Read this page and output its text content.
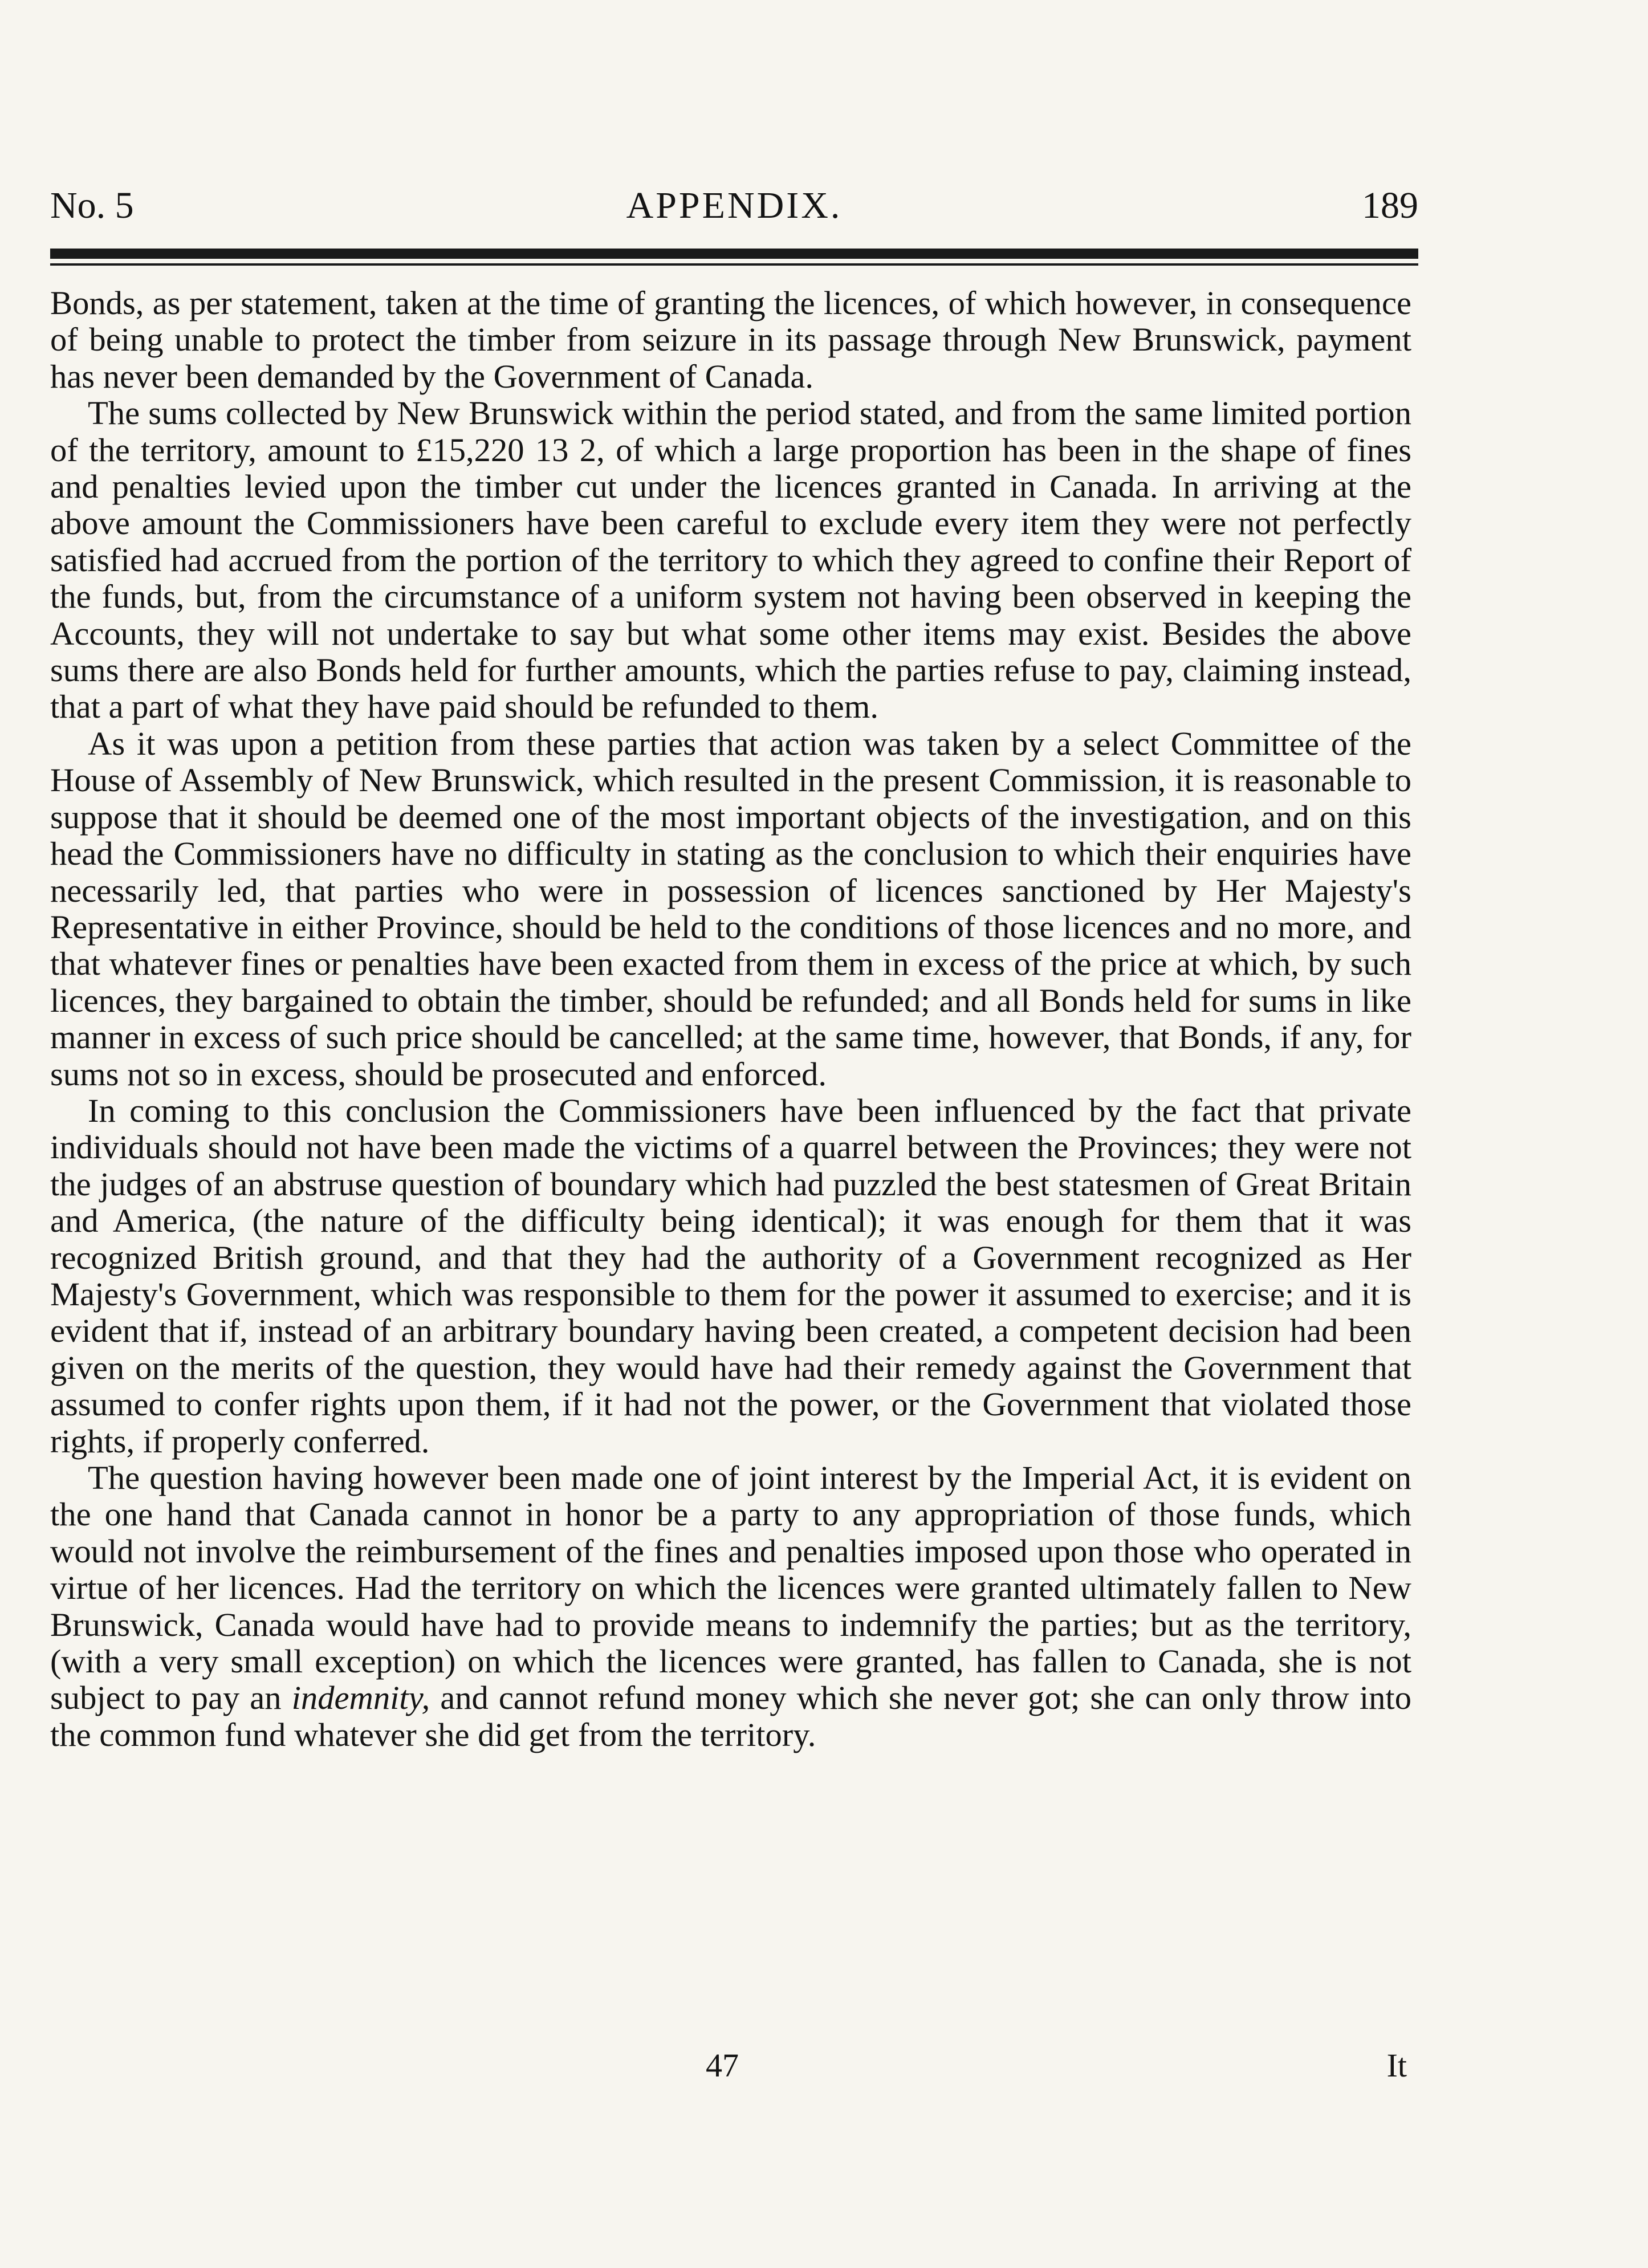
No. 5	APPENDIX.	189

Bonds, as per statement, taken at the time of granting the licences, of which however, in consequence of being unable to protect the timber from seizure in its passage through New Brunswick, payment has never been demanded by the Government of Canada.

The sums collected by New Brunswick within the period stated, and from the same limited portion of the territory, amount to £15,220 13 2, of which a large proportion has been in the shape of fines and penalties levied upon the timber cut under the licences granted in Canada. In arriving at the above amount the Commissioners have been careful to exclude every item they were not perfectly satisfied had accrued from the portion of the territory to which they agreed to confine their Report of the funds, but, from the circumstance of a uniform system not having been observed in keeping the Accounts, they will not undertake to say but what some other items may exist. Besides the above sums there are also Bonds held for further amounts, which the parties refuse to pay, claiming instead, that a part of what they have paid should be refunded to them.

As it was upon a petition from these parties that action was taken by a select Committee of the House of Assembly of New Brunswick, which resulted in the present Commission, it is reasonable to suppose that it should be deemed one of the most important objects of the investigation, and on this head the Commissioners have no difficulty in stating as the conclusion to which their enquiries have necessarily led, that parties who were in possession of licences sanctioned by Her Majesty's Representative in either Province, should be held to the conditions of those licences and no more, and that whatever fines or penalties have been exacted from them in excess of the price at which, by such licences, they bargained to obtain the timber, should be refunded; and all Bonds held for sums in like manner in excess of such price should be cancelled; at the same time, however, that Bonds, if any, for sums not so in excess, should be prosecuted and enforced.

In coming to this conclusion the Commissioners have been influenced by the fact that private individuals should not have been made the victims of a quarrel between the Provinces; they were not the judges of an abstruse question of boundary which had puzzled the best statesmen of Great Britain and America, (the nature of the difficulty being identical); it was enough for them that it was recognized British ground, and that they had the authority of a Government recognized as Her Majesty's Government, which was responsible to them for the power it assumed to exercise; and it is evident that if, instead of an arbitrary boundary having been created, a competent decision had been given on the merits of the question, they would have had their remedy against the Government that assumed to confer rights upon them, if it had not the power, or the Government that violated those rights, if properly conferred.

The question having however been made one of joint interest by the Imperial Act, it is evident on the one hand that Canada cannot in honor be a party to any appropriation of those funds, which would not involve the reimbursement of the fines and penalties imposed upon those who operated in virtue of her licences. Had the territory on which the licences were granted ultimately fallen to New Brunswick, Canada would have had to provide means to indemnify the parties; but as the territory, (with a very small exception) on which the licences were granted, has fallen to Canada, she is not subject to pay an indemnity, and cannot refund money which she never got; she can only throw into the common fund whatever she did get from the territory.

47	It
